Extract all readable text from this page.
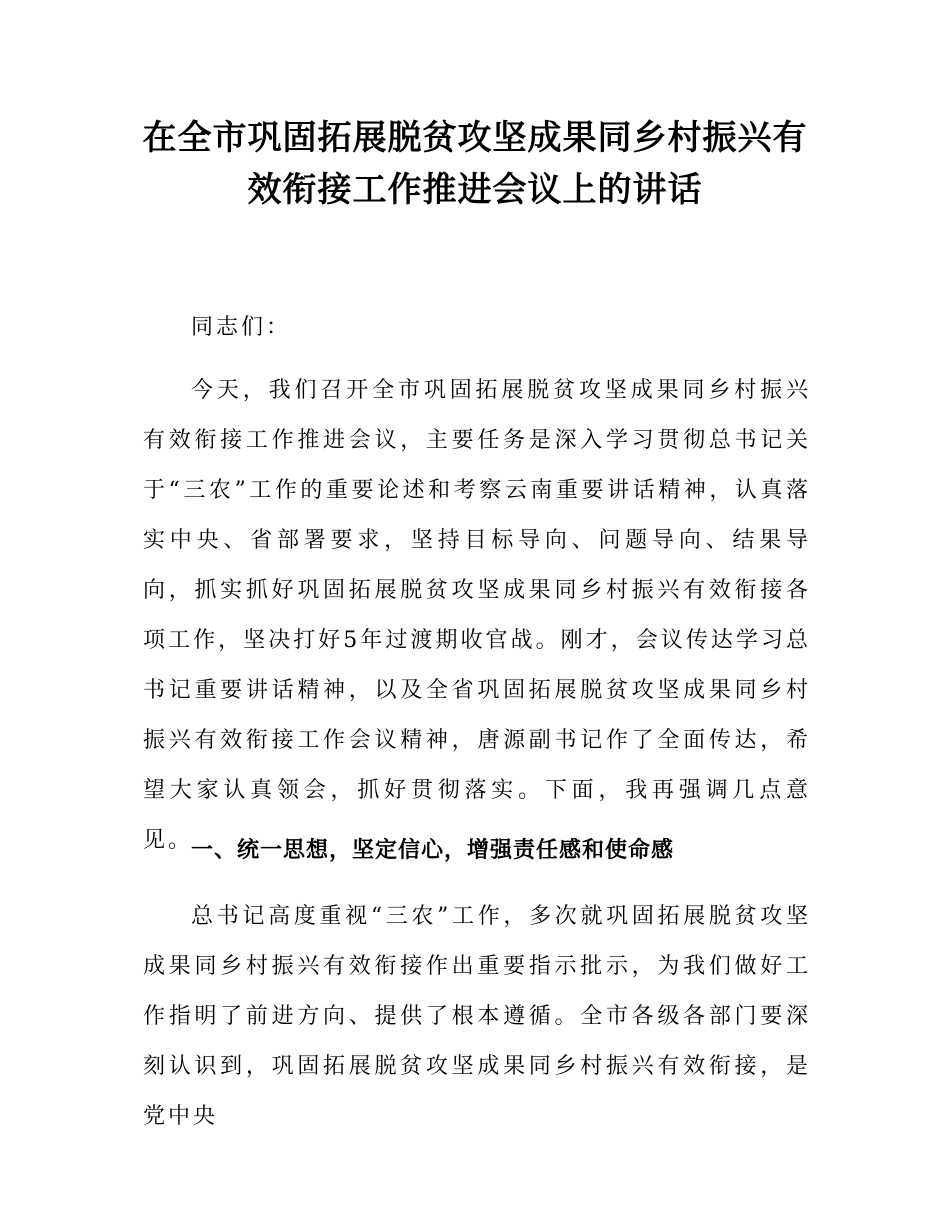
在全市巩固拓展脱贫攻坚成果同乡村振兴有
效衔接工作推进会议上的讲话

同志们：

今天，我们召开全市巩固拓展脱贫攻坚成果同乡村振兴有效衔接工作推进会议，主要任务是深入学习贯彻总书记关于“三农”工作的重要论述和考察云南重要讲话精神，认真落实中央、省部署要求，坚持目标导向、问题导向、结果导向，抓实抓好巩固拓展脱贫攻坚成果同乡村振兴有效衔接各项工作，坚决打好5年过渡期收官战。刚才，会议传达学习总书记重要讲话精神，以及全省巩固拓展脱贫攻坚成果同乡村振兴有效衔接工作会议精神，唐源副书记作了全面传达，希望大家认真领会，抓好贯彻落实。下面，我再强调几点意见。

一、统一思想，坚定信心，增强责任感和使命感

总书记高度重视“三农”工作，多次就巩固拓展脱贫攻坚成果同乡村振兴有效衔接作出重要指示批示，为我们做好工作指明了前进方向、提供了根本遵循。全市各级各部门要深刻认识到，巩固拓展脱贫攻坚成果同乡村振兴有效衔接，是党中央
